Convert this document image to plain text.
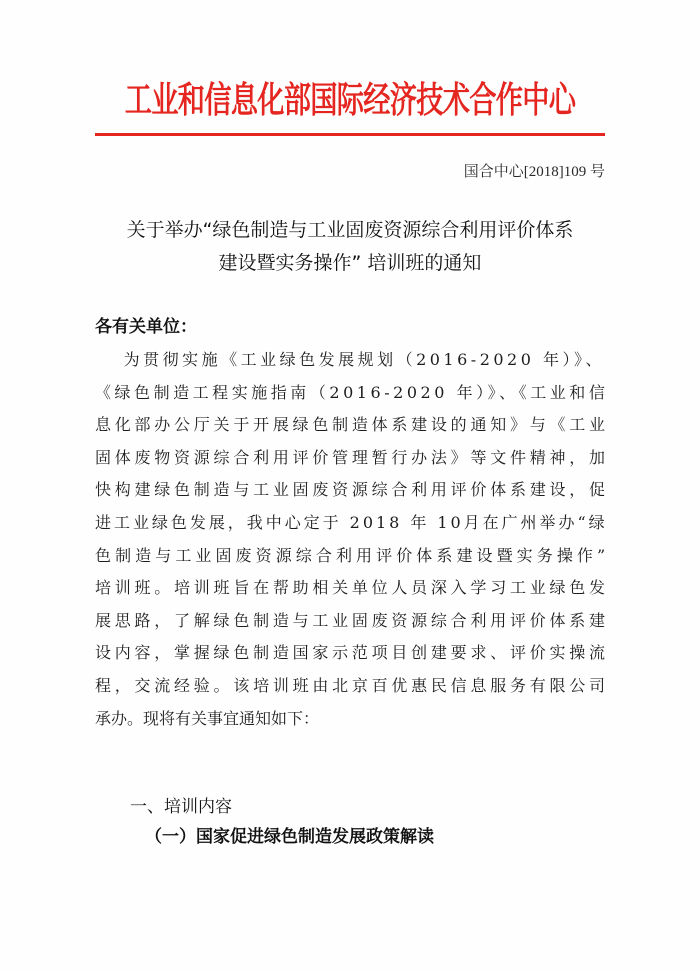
工业和信息化部国际经济技术合作中心
国合中心[2018]109 号
关于举办“绿色制造与工业固废资源综合利用评价体系
建设暨实务操作” 培训班的通知
各有关单位：
为贯彻实施《工业绿色发展规划（2016-2020 年）》、
《绿色制造工程实施指南（2016-2020 年）》、《工业和信
息化部办公厅关于开展绿色制造体系建设的通知》与《工业
固体废物资源综合利用评价管理暂行办法》等文件精神，加
快构建绿色制造与工业固废资源综合利用评价体系建设，促
进工业绿色发展，我中心定于 2018 年 10月在广州举办“绿
色制造与工业固废资源综合利用评价体系建设暨实务操作”
培训班。培训班旨在帮助相关单位人员深入学习工业绿色发
展思路，了解绿色制造与工业固废资源综合利用评价体系建
设内容，掌握绿色制造国家示范项目创建要求、评价实操流
程，交流经验。该培训班由北京百优惠民信息服务有限公司
承办。现将有关事宜通知如下：
一、培训内容
（一）国家促进绿色制造发展政策解读
